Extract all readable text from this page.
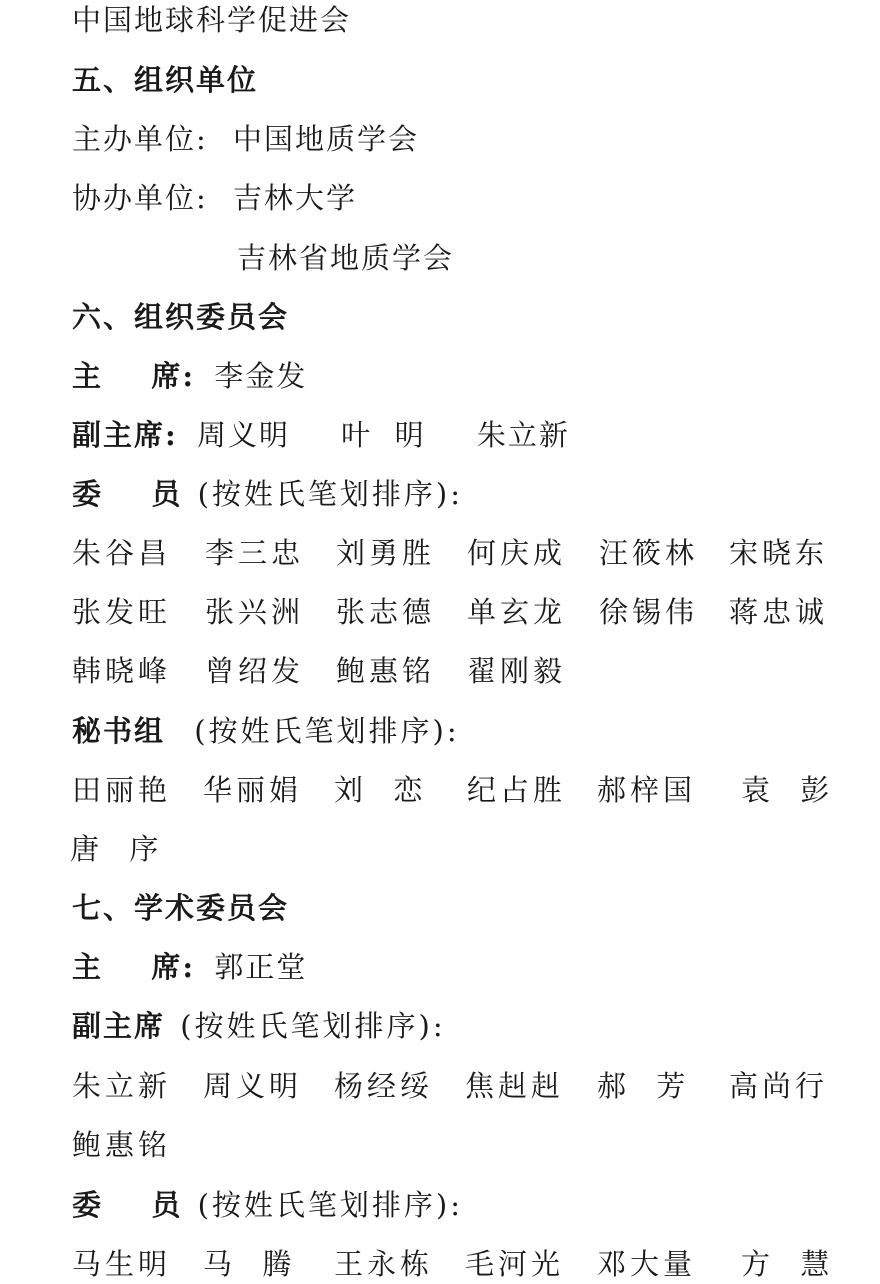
中国地球科学促进会
五、组织单位
主办单位: 中国地质学会
协办单位: 吉林大学
吉林省地质学会
六、组织委员会
主    席: 李金发
副主席: 周义明 叶  明 朱立新
委    员 (按姓氏笔划排序):
朱谷昌 李三忠 刘勇胜 何庆成 汪筱林 宋晓东
张发旺 张兴洲 张志德 单玄龙 徐锡伟 蒋忠诚
韩晓峰 曾绍发 鲍惠铭 翟刚毅
秘书组 (按姓氏笔划排序):
田丽艳 华丽娟 刘  恋 纪占胜 郝梓国 袁  彭
唐  序
七、学术委员会
主    席: 郭正堂
副主席 (按姓氏笔划排序):
朱立新 周义明 杨经绥 焦赳赳 郝  芳 高尚行
鲍惠铭
委    员 (按姓氏笔划排序):
马生明 马  腾 王永栋 毛河光 邓大量 方  慧
